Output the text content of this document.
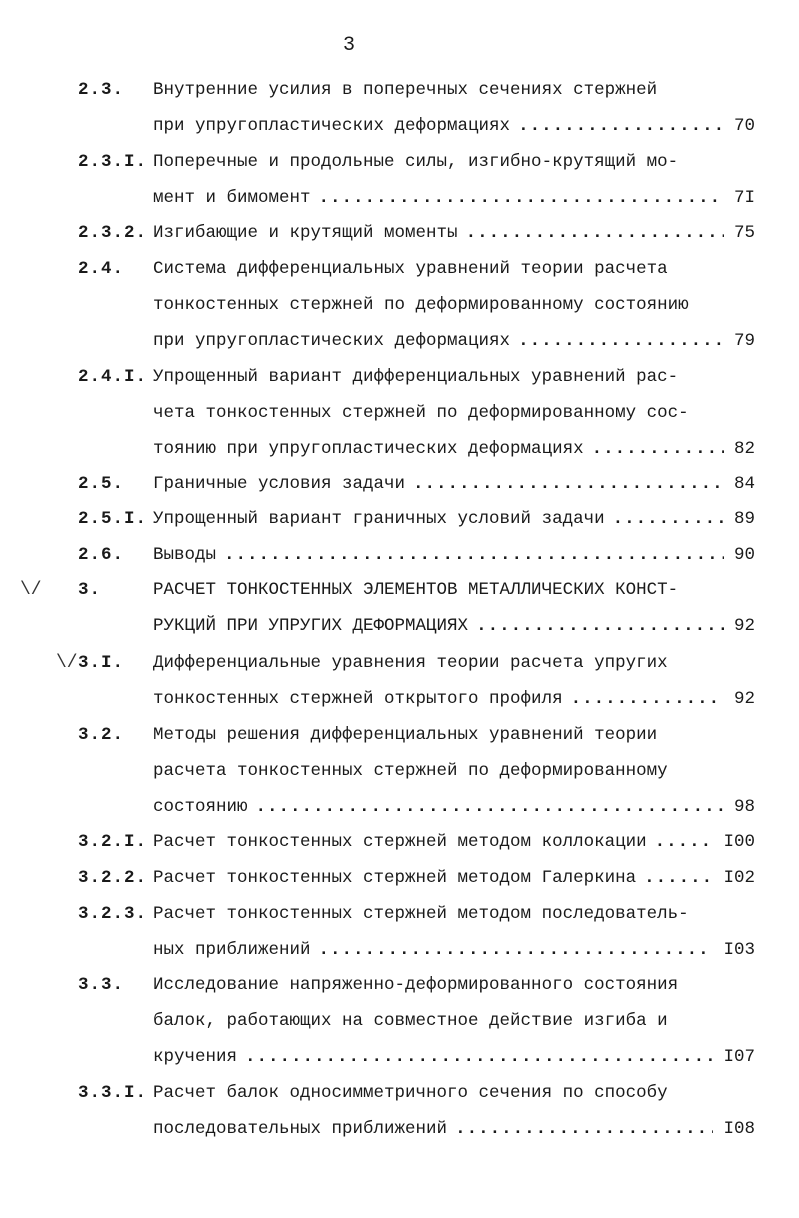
3
2.3. Внутренние усилия в поперечных сечениях стержней
при упругопластических деформациях .....	70
2.3.I. Поперечные и продольные силы, изгибно-крутящий мо-
мент и бимомент .....	7I
2.3.2. Изгибающие и крутящий моменты .....	75
2.4. Система дифференциальных уравнений теории расчета
тонкостенных стержней по деформированному состоянию
при упругопластических деформациях .....	79
2.4.I. Упрощенный вариант дифференциальных уравнений рас-
чета тонкостенных стержней по деформированному сос-
тоянию при упругопластических деформациях .....	82
2.5. Граничные условия задачи .....	84
2.5.I. Упрощенный вариант граничных условий задачи .....	89
2.6. Выводы .....	90
\/ 3.	РАСЧЕТ ТОНКОСТЕННЫХ ЭЛЕМЕНТОВ МЕТАЛЛИЧЕСКИХ КОНСТ-
РУКЦИЙ ПРИ УПРУГИХ ДЕФОРМАЦИЯХ .....	92
\/ 3.I. Дифференциальные уравнения теории расчета упругих
тонкостенных стержней открытого профиля .....	92
3.2. Методы решения дифференциальных уравнений теории
расчета тонкостенных стержней по деформированному
состоянию .....	98
3.2.I. Расчет тонкостенных стержней методом коллокации .....	I00
3.2.2. Расчет тонкостенных стержней методом Галеркина .....	I02
3.2.3. Расчет тонкостенных стержней методом последователь-
ных приближений .....	I03
3.3. Исследование напряженно-деформированного состояния
балок, работающих на совместное действие изгиба и
кручения .....	I07
3.3.I. Расчет балок односимметричного сечения по способу
последовательных приближений .....	I08
